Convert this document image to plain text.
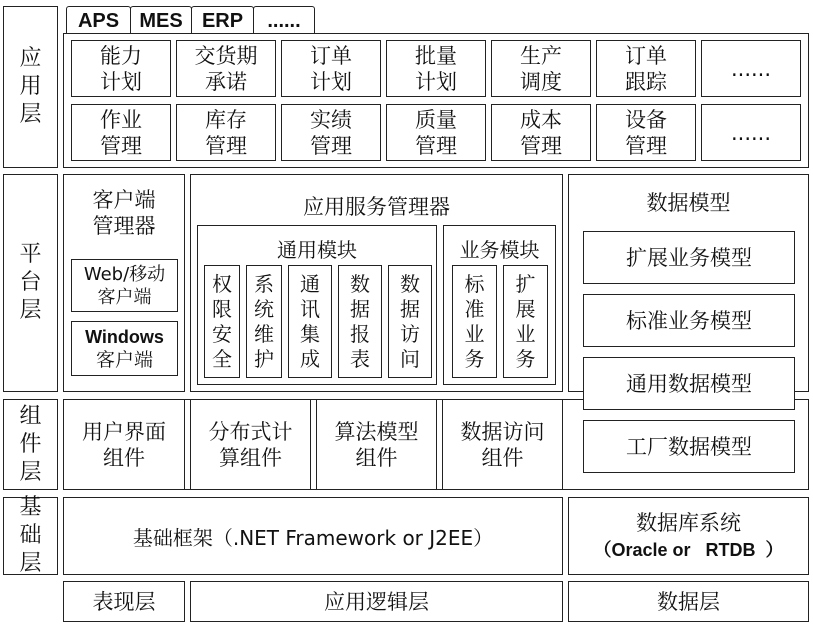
应
用
层
平
台
层
组
件
层
基
础
层
APS	MES ERP	......
客户端
管理器
Web/移动
客户端
Windows
客户端
应用服务管理器
通用模块	业务模块
数据模型
基础框架（.NET Framework or J2EE）
数据库系统
（Oracle or   RTDB  ）
表现层	应用逻辑层	数据层
能力
计划
交货期
承诺
订单
计划
批量
计划
生产
调度
订单
跟踪
......
作业
管理
库存
管理
实绩
管理
质量
管理
成本
管理
设备
管理
......
权
限
安
全
系
统
维
护
通
讯
集
成
数
据
报
表
数
据
访
问
标
准
业
务
扩
展
业
务
扩展业务模型
标准业务模型
通用数据模型
工厂数据模型
用户界面
组件
分布式计
算组件
算法模型
组件
数据访问
组件
